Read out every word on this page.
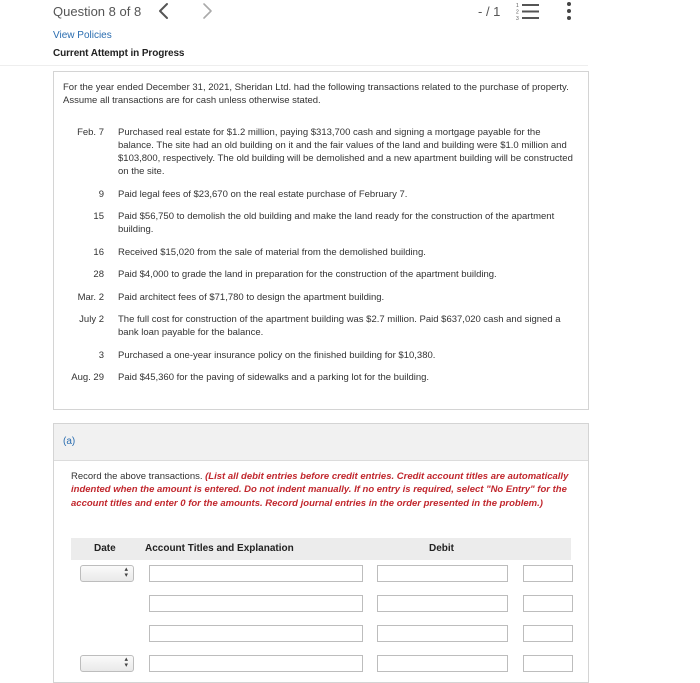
Question 8 of 8	- / 1	1
2
3
View Policies
Current Attempt in Progress
For the year ended December 31, 2021, Sheridan Ltd. had the following transactions related to the purchase of property. Assume all transactions are for cash unless otherwise stated.
Feb. 7 Purchased real estate for $1.2 million, paying $313,700 cash and signing a mortgage payable for the balance. The site had an old building on it and the fair values of the land and building were $1.0 million and $103,800, respectively. The old building will be demolished and a new apartment building will be constructed on the site.
9 Paid legal fees of $23,670 on the real estate purchase of February 7.
15 Paid $56,750 to demolish the old building and make the land ready for the construction of the apartment building.
16 Received $15,020 from the sale of material from the demolished building.
28 Paid $4,000 to grade the land in preparation for the construction of the apartment building.
Mar. 2 Paid architect fees of $71,780 to design the apartment building.
July 2 The full cost for construction of the apartment building was $2.7 million. Paid $637,020 cash and signed a bank loan payable for the balance.
3 Purchased a one-year insurance policy on the finished building for $10,380.
Aug. 29 Paid $45,360 for the paving of sidewalks and a parking lot for the building.
(a)
Record the above transactions. (List all debit entries before credit entries. Credit account titles are automatically indented when the amount is entered. Do not indent manually. If no entry is required, select "No Entry" for the account titles and enter 0 for the amounts. Record journal entries in the order presented in the problem.)
Date	Account Titles and Explanation	Debit
▴
▾
▴
▾
